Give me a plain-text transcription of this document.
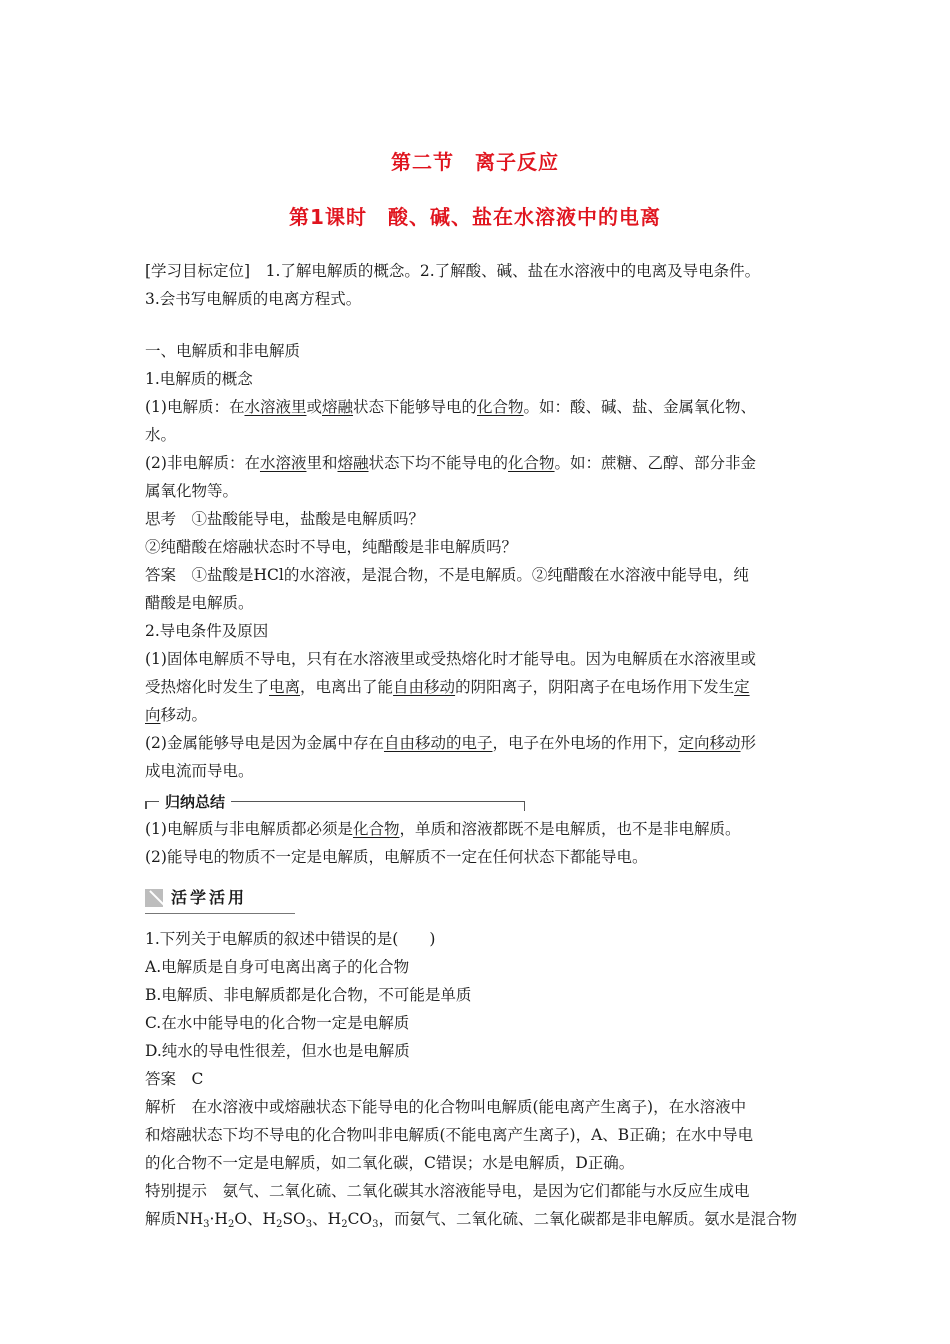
第二节　离子反应
第1课时　酸、碱、盐在水溶液中的电离
[学习目标定位]　1.了解电解质的概念。2.了解酸、碱、盐在水溶液中的电离及导电条件。
3.会书写电解质的电离方程式。
一、电解质和非电解质
1.电解质的概念
(1)电解质：在水溶液里或熔融状态下能够导电的化合物。如：酸、碱、盐、金属氧化物、
水。
(2)非电解质：在水溶液里和熔融状态下均不能导电的化合物。如：蔗糖、乙醇、部分非金
属氧化物等。
思考　①盐酸能导电，盐酸是电解质吗？
②纯醋酸在熔融状态时不导电，纯醋酸是非电解质吗？
答案　①盐酸是HCl的水溶液，是混合物，不是电解质。②纯醋酸在水溶液中能导电，纯
醋酸是电解质。
2.导电条件及原因
(1)固体电解质不导电，只有在水溶液里或受热熔化时才能导电。因为电解质在水溶液里或
受热熔化时发生了电离，电离出了能自由移动的阴阳离子，阴阳离子在电场作用下发生定
向移动。
(2)金属能够导电是因为金属中存在自由移动的电子，电子在外电场的作用下，定向移动形
成电流而导电。
归纳总结
(1)电解质与非电解质都必须是化合物，单质和溶液都既不是电解质，也不是非电解质。
(2)能导电的物质不一定是电解质，电解质不一定在任何状态下都能导电。
活学活用
1.下列关于电解质的叙述中错误的是(　　)
A.电解质是自身可电离出离子的化合物
B.电解质、非电解质都是化合物，不可能是单质
C.在水中能导电的化合物一定是电解质
D.纯水的导电性很差，但水也是电解质
答案　C
解析　在水溶液中或熔融状态下能导电的化合物叫电解质(能电离产生离子)，在水溶液中
和熔融状态下均不导电的化合物叫非电解质(不能电离产生离子)，A、B正确；在水中导电
的化合物不一定是电解质，如二氧化碳，C错误；水是电解质，D正确。
特别提示　氨气、二氧化硫、二氧化碳其水溶液能导电，是因为它们都能与水反应生成电
解质$NH_3\cdot H_2O$、$H_2SO_3$、$H_2CO_3$，而氨气、二氧化硫、二氧化碳都是非电解质。氨水是混合物
